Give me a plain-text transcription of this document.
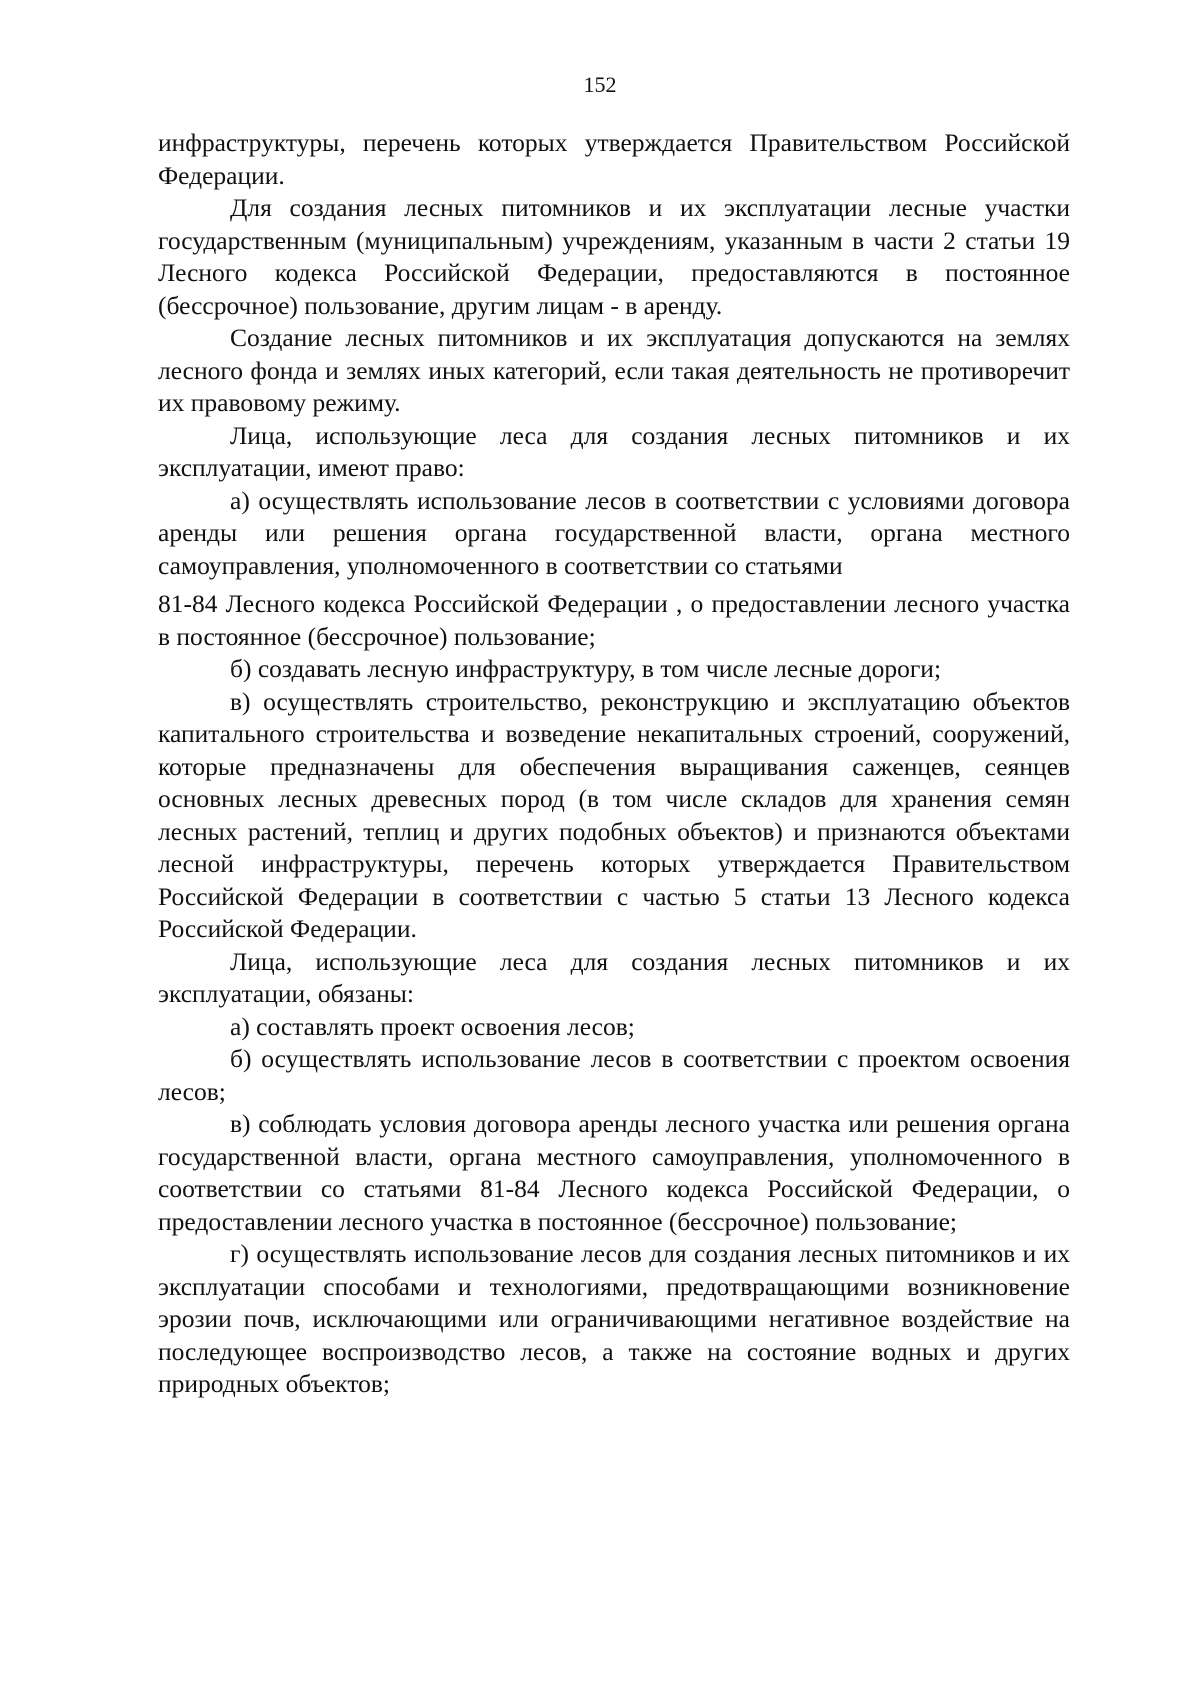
152

инфраструктуры, перечень которых утверждается Правительством Российской Федерации.

Для создания лесных питомников и их эксплуатации лесные участки государственным (муниципальным) учреждениям, указанным в части 2 статьи 19 Лесного кодекса Российской Федерации, предоставляются в постоянное (бессрочное) пользование, другим лицам - в аренду.

Создание лесных питомников и их эксплуатация допускаются на землях лесного фонда и землях иных категорий, если такая деятельность не противоречит их правовому режиму.

Лица, использующие леса для создания лесных питомников и их эксплуатации, имеют право:

а) осуществлять использование лесов в соответствии с условиями договора аренды или решения органа государственной власти, органа местного самоуправления, уполномоченного в соответствии со статьями

81-84 Лесного кодекса Российской Федерации , о предоставлении лесного участка в постоянное (бессрочное) пользование;

б) создавать лесную инфраструктуру, в том числе лесные дороги;

в) осуществлять строительство, реконструкцию и эксплуатацию объектов капитального строительства и возведение некапитальных строений, сооружений, которые предназначены для обеспечения выращивания саженцев, сеянцев основных лесных древесных пород (в том числе складов для хранения семян лесных растений, теплиц и других подобных объектов) и признаются объектами лесной инфраструктуры, перечень которых утверждается Правительством Российской Федерации в соответствии с частью 5 статьи 13 Лесного кодекса Российской Федерации.

Лица, использующие леса для создания лесных питомников и их эксплуатации, обязаны:

а) составлять проект освоения лесов;

б) осуществлять использование лесов в соответствии с проектом освоения лесов;

в) соблюдать условия договора аренды лесного участка или решения органа государственной власти, органа местного самоуправления, уполномоченного в соответствии со статьями 81-84 Лесного кодекса Российской Федерации, о предоставлении лесного участка в постоянное (бессрочное) пользование;

г) осуществлять использование лесов для создания лесных питомников и их эксплуатации способами и технологиями, предотвращающими возникновение эрозии почв, исключающими или ограничивающими негативное воздействие на последующее воспроизводство лесов, а также на состояние водных и других природных объектов;
